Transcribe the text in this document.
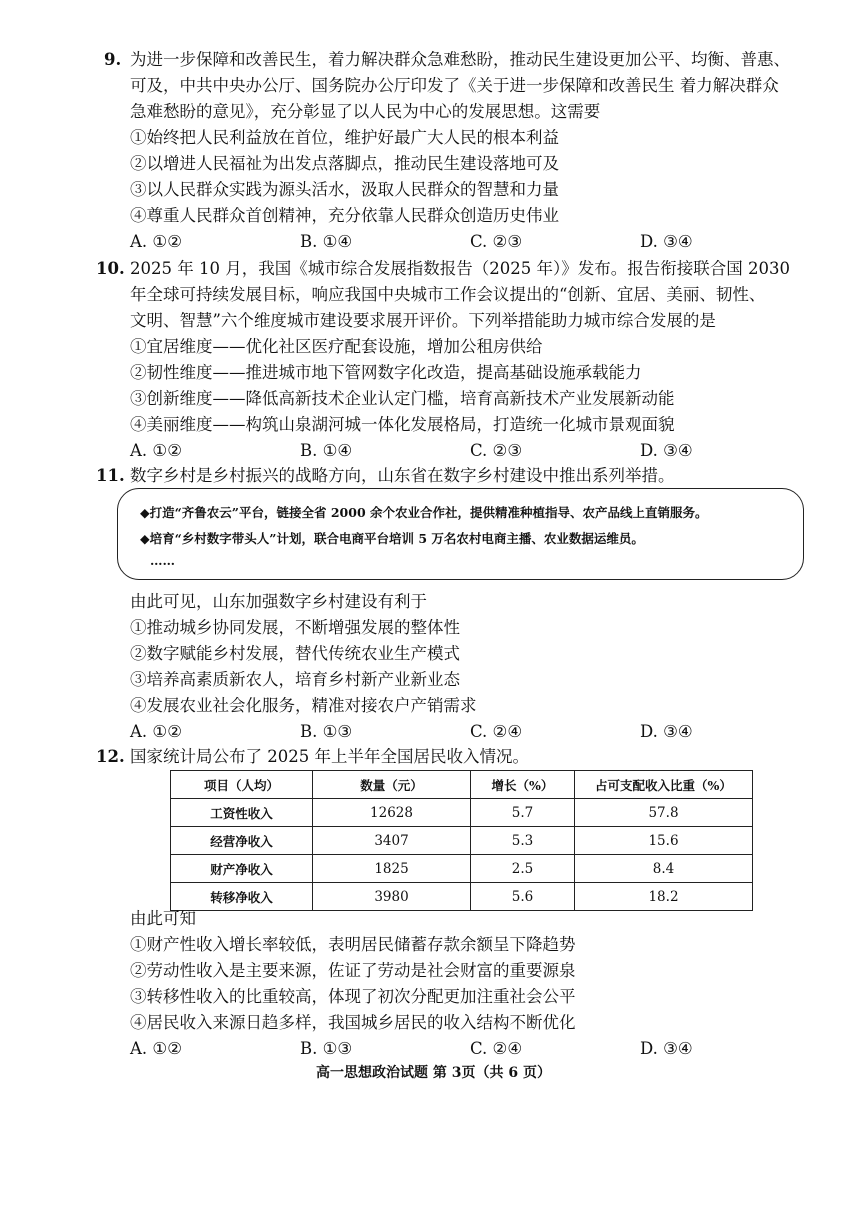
9. 为进一步保障和改善民生，着力解决群众急难愁盼，推动民生建设更加公平、均衡、普惠、
可及，中共中央办公厅、国务院办公厅印发了《关于进一步保障和改善民生 着力解决群众
急难愁盼的意见》，充分彰显了以人民为中心的发展思想。这需要
①始终把人民利益放在首位，维护好最广大人民的根本利益
②以增进人民福祉为出发点落脚点，推动民生建设落地可及
③以人民群众实践为源头活水，汲取人民群众的智慧和力量
④尊重人民群众首创精神，充分依靠人民群众创造历史伟业
A. ①②	B. ①④	C. ②③	D. ③④
10. 2025 年 10 月，我国《城市综合发展指数报告（2025 年）》发布。报告衔接联合国 2030
年全球可持续发展目标，响应我国中央城市工作会议提出的“创新、宜居、美丽、韧性、
文明、智慧”六个维度城市建设要求展开评价。下列举措能助力城市综合发展的是
①宜居维度——优化社区医疗配套设施，增加公租房供给
②韧性维度——推进城市地下管网数字化改造，提高基础设施承载能力
③创新维度——降低高新技术企业认定门槛，培育高新技术产业发展新动能
④美丽维度——构筑山泉湖河城一体化发展格局，打造统一化城市景观面貌
A. ①②	B. ①④	C. ②③	D. ③④
11. 数字乡村是乡村振兴的战略方向，山东省在数字乡村建设中推出系列举措。
◆打造“齐鲁农云”平台，链接全省 2000 余个农业合作社，提供精准种植指导、农产品线上直销服务。
◆培育“乡村数字带头人”计划，联合电商平台培训 5 万名农村电商主播、农业数据运维员。
……
由此可见，山东加强数字乡村建设有利于
①推动城乡协同发展，不断增强发展的整体性
②数字赋能乡村发展，替代传统农业生产模式
③培养高素质新农人，培育乡村新产业新业态
④发展农业社会化服务，精准对接农户产销需求
A. ①②	B. ①③	C. ②④	D. ③④
12. 国家统计局公布了 2025 年上半年全国居民收入情况。
项目（人均）	数量（元）	增长（%）	占可支配收入比重（%）
工资性收入	12628	5.7	57.8
经营净收入	3407	5.3	15.6
财产净收入	1825	2.5	8.4
转移净收入	3980	5.6	18.2
由此可知
①财产性收入增长率较低，表明居民储蓄存款余额呈下降趋势
②劳动性收入是主要来源，佐证了劳动是社会财富的重要源泉
③转移性收入的比重较高，体现了初次分配更加注重社会公平
④居民收入来源日趋多样，我国城乡居民的收入结构不断优化
A. ①②	B. ①③	C. ②④	D. ③④
高一思想政治试题 第 3页（共 6 页）
